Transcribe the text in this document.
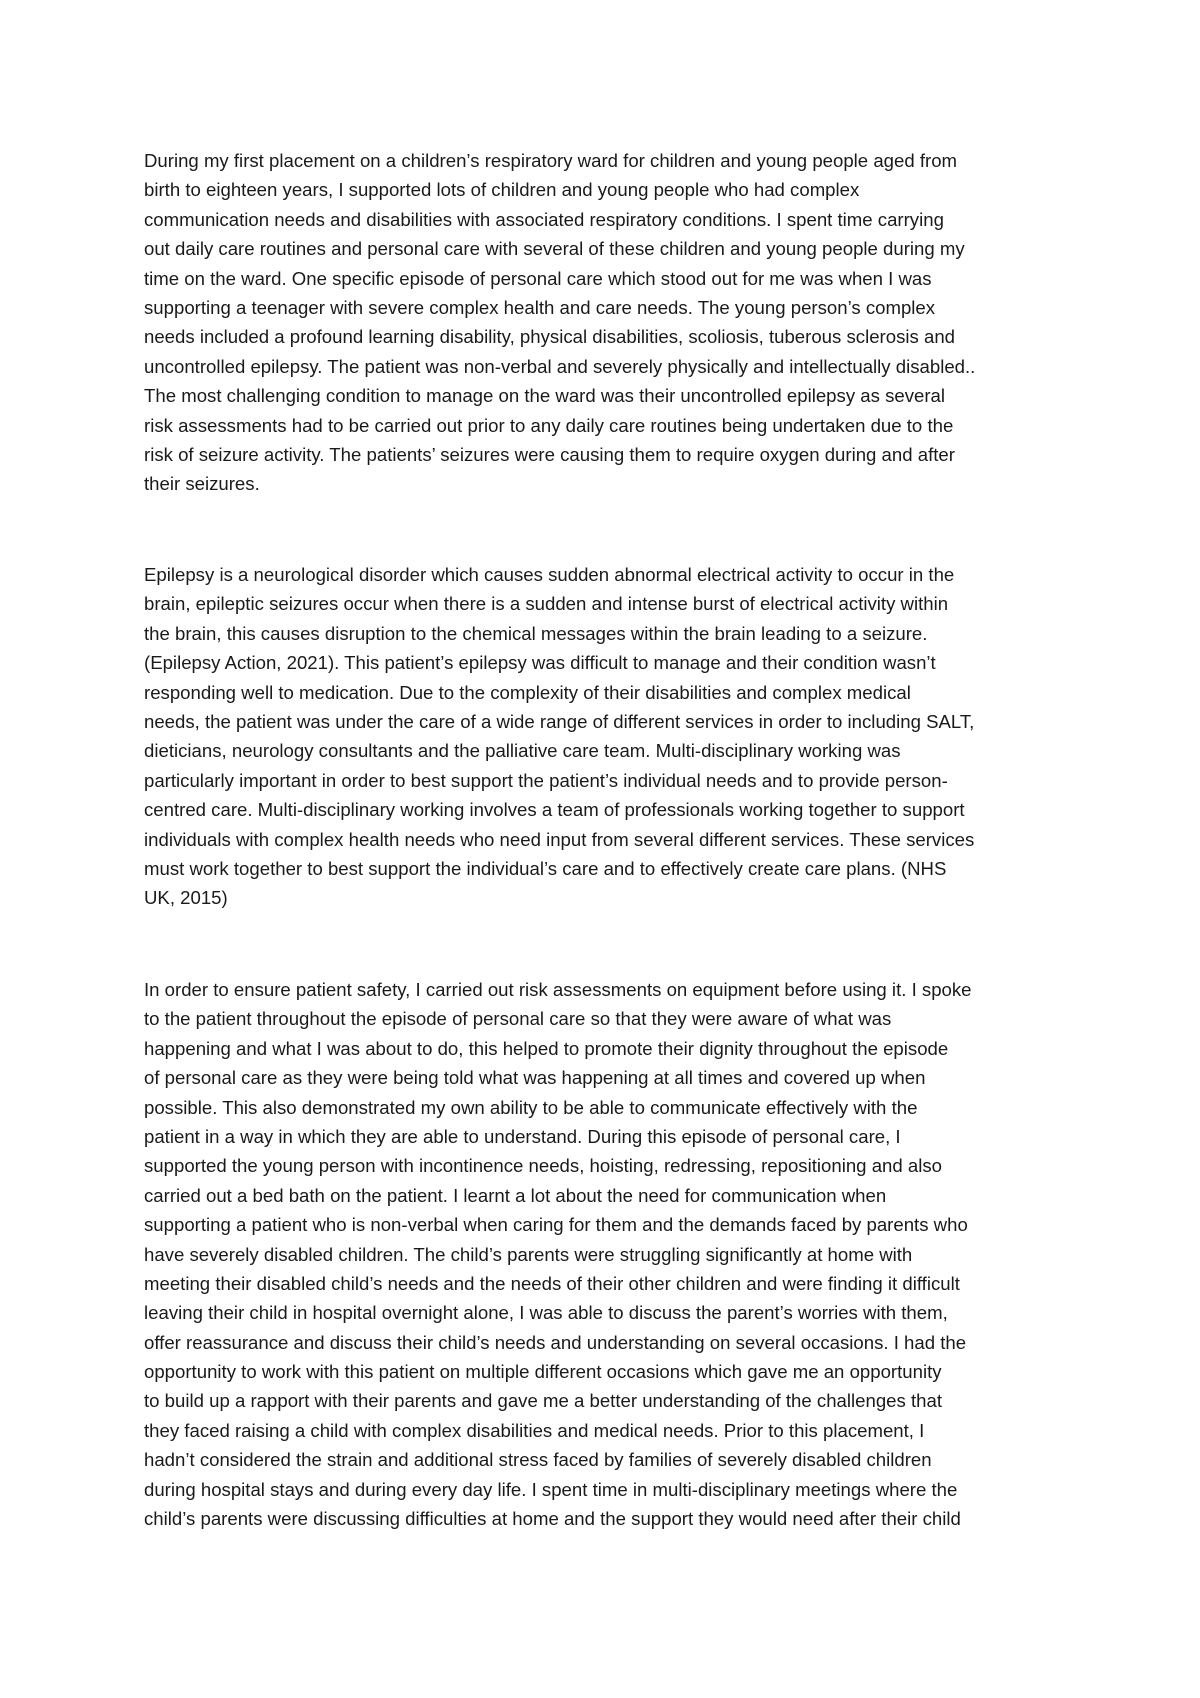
During my first placement on a children’s respiratory ward for children and young people aged from
birth to eighteen years, I supported lots of children and young people who had complex
communication needs and disabilities with associated respiratory conditions. I spent time carrying
out daily care routines and personal care with several of these children and young people during my
time on the ward. One specific episode of personal care which stood out for me was when I was
supporting a teenager with severe complex health and care needs. The young person’s complex
needs included a profound learning disability, physical disabilities, scoliosis, tuberous sclerosis and
uncontrolled epilepsy. The patient was non-verbal and severely physically and intellectually disabled..
The most challenging condition to manage on the ward was their uncontrolled epilepsy as several
risk assessments had to be carried out prior to any daily care routines being undertaken due to the
risk of seizure activity. The patients’ seizures were causing them to require oxygen during and after
their seizures.
Epilepsy is a neurological disorder which causes sudden abnormal electrical activity to occur in the
brain, epileptic seizures occur when there is a sudden and intense burst of electrical activity within
the brain, this causes disruption to the chemical messages within the brain leading to a seizure.
(Epilepsy Action, 2021). This patient’s epilepsy was difficult to manage and their condition wasn’t
responding well to medication. Due to the complexity of their disabilities and complex medical
needs, the patient was under the care of a wide range of different services in order to including SALT,
dieticians, neurology consultants and the palliative care team. Multi-disciplinary working was
particularly important in order to best support the patient’s individual needs and to provide person-
centred care. Multi-disciplinary working involves a team of professionals working together to support
individuals with complex health needs who need input from several different services. These services
must work together to best support the individual’s care and to effectively create care plans. (NHS
UK, 2015)
In order to ensure patient safety, I carried out risk assessments on equipment before using it. I spoke
to the patient throughout the episode of personal care so that they were aware of what was
happening and what I was about to do, this helped to promote their dignity throughout the episode
of personal care as they were being told what was happening at all times and covered up when
possible. This also demonstrated my own ability to be able to communicate effectively with the
patient in a way in which they are able to understand. During this episode of personal care, I
supported the young person with incontinence needs, hoisting, redressing, repositioning and also
carried out a bed bath on the patient. I learnt a lot about the need for communication when
supporting a patient who is non-verbal when caring for them and the demands faced by parents who
have severely disabled children. The child’s parents were struggling significantly at home with
meeting their disabled child’s needs and the needs of their other children and were finding it difficult
leaving their child in hospital overnight alone, I was able to discuss the parent’s worries with them,
offer reassurance and discuss their child’s needs and understanding on several occasions. I had the
opportunity to work with this patient on multiple different occasions which gave me an opportunity
to build up a rapport with their parents and gave me a better understanding of the challenges that
they faced raising a child with complex disabilities and medical needs. Prior to this placement, I
hadn’t considered the strain and additional stress faced by families of severely disabled children
during hospital stays and during every day life. I spent time in multi-disciplinary meetings where the
child’s parents were discussing difficulties at home and the support they would need after their child
